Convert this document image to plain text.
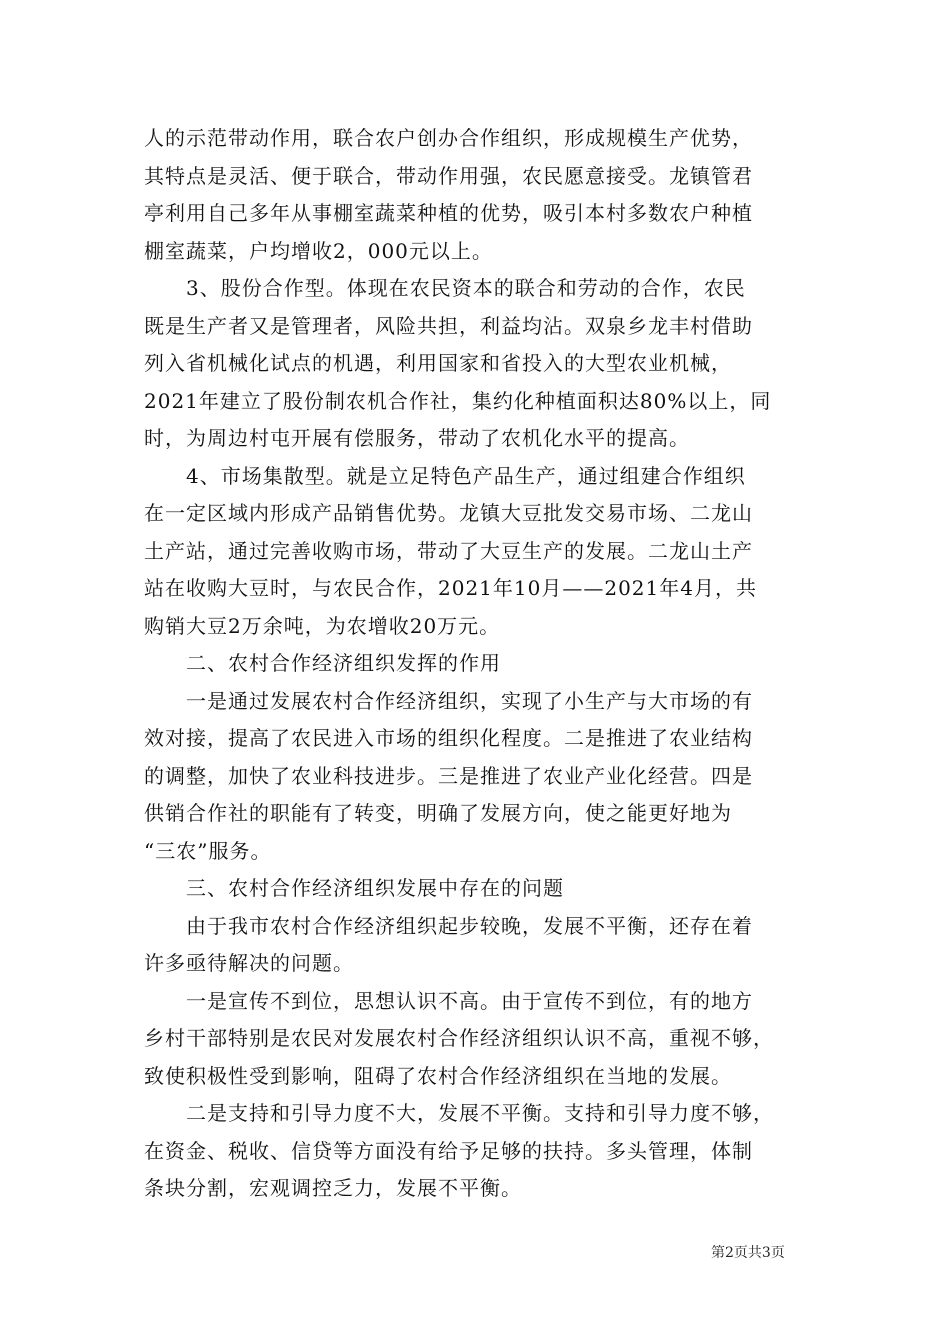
人的示范带动作用，联合农户创办合作组织，形成规模生产优势，

其特点是灵活、便于联合，带动作用强，农民愿意接受。龙镇管君

亭利用自己多年从事棚室蔬菜种植的优势，吸引本村多数农户种植

棚室蔬菜，户均增收2，000元以上。

　　3、股份合作型。体现在农民资本的联合和劳动的合作，农民

既是生产者又是管理者，风险共担，利益均沾。双泉乡龙丰村借助

列入省机械化试点的机遇，利用国家和省投入的大型农业机械，

2021年建立了股份制农机合作社，集约化种植面积达80%以上，同

时，为周边村屯开展有偿服务，带动了农机化水平的提高。

　　4、市场集散型。就是立足特色产品生产，通过组建合作组织

在一定区域内形成产品销售优势。龙镇大豆批发交易市场、二龙山

土产站，通过完善收购市场，带动了大豆生产的发展。二龙山土产

站在收购大豆时，与农民合作，2021年10月——2021年4月，共

购销大豆2万余吨，为农增收20万元。

　　二、农村合作经济组织发挥的作用

　　一是通过发展农村合作经济组织，实现了小生产与大市场的有

效对接，提高了农民进入市场的组织化程度。二是推进了农业结构

的调整，加快了农业科技进步。三是推进了农业产业化经营。四是

供销合作社的职能有了转变，明确了发展方向，使之能更好地为

“三农”服务。

　　三、农村合作经济组织发展中存在的问题

　　由于我市农村合作经济组织起步较晚，发展不平衡，还存在着

许多亟待解决的问题。

　　一是宣传不到位，思想认识不高。由于宣传不到位，有的地方

乡村干部特别是农民对发展农村合作经济组织认识不高，重视不够，

致使积极性受到影响，阻碍了农村合作经济组织在当地的发展。

　　二是支持和引导力度不大，发展不平衡。支持和引导力度不够，

在资金、税收、信贷等方面没有给予足够的扶持。多头管理，体制

条块分割，宏观调控乏力，发展不平衡。

第2页共3页
